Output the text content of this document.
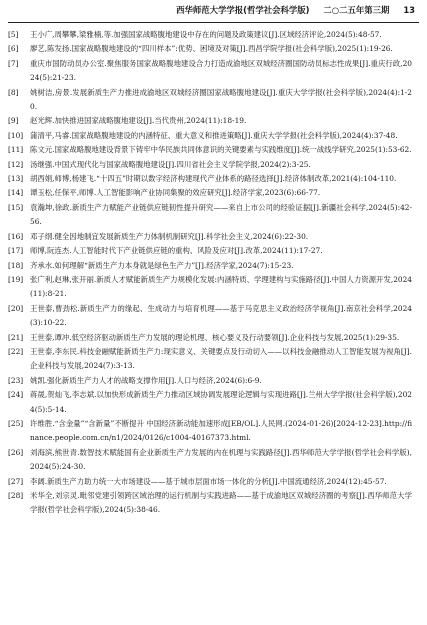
西华师范大学学报(哲学社会科学版) 二○二五年第三期 13
[5]	王小广,周攀攀,梁雅楠,等.加强国家战略腹地建设中存在的问题及政策建议[J].区域经济评论,2024(5):48-57.
[6]	廖艺,陈发扬.国家战略腹地建设的“四川样本”:优势、困境及对策[J].西昌学院学报(社会科学版),2025(1):19-26.
[7]	重庆市国防动员办公室.聚焦服务国家战略腹地建设合力打造成渝地区双城经济圈国防动员标志性成果[J].重庆行政,2024(5):21-23.
[8]	姚树洁,房景.发展新质生产力推进成渝地区双城经济圈国家战略腹地建设[J].重庆大学学报(社会科学版),2024(4):1-20.
[9]	赵光辉.加快推进国家战略腹地建设[J].当代贵州,2024(11):18-19.
[10] 蒲清平,马睿.国家战略腹地建设的内涵特征、重大意义和推进策略[J].重庆大学学报(社会科学版),2024(4):37-48.
[11] 陈文元.国家战略腹地建设背景下铸牢中华民族共同体意识的关键要素与实践维度[J].统一战线学研究,2025(1):53-62.
[12] 汤继强.中国式现代化与国家战略腹地建设[J].四川省社会主义学院学报,2024(2):3-25.
[13] 胡西娟,师博,杨建飞.“十四五”时期以数字经济构建现代产业体系的路径选择[J].经济体制改革,2021(4):104-110.
[14] 谭玉松,任保平,师博.人工智能影响产业协同集聚的效应研究[J].经济学家,2023(6):66-77.
[15] 袁瀚坤,徐政.新质生产力赋能产业链供应链韧性提升研究——来自上市公司的经验证据[J].新疆社会科学,2024(5):42-56.
[16] 邓子纲.健全因地制宜发展新质生产力体制机制研究[J].科学社会主义,2024(6):22-30.
[17] 师博,阮连杰.人工智能时代下产业链供应链的重构、风险及应对[J].改革,2024(11):17-27.
[18] 齐承水.如何理解“新质生产力本身就是绿色生产力”[J].经济学家,2024(7):15-23.
[19] 张广利,赵琳,张开丽.新质人才赋能新质生产力规模化发展:内涵特质、学理建构与实施路径[J].中国人力资源开发,2024(11):8-21.
[20] 王世泰,曹劲松.新质生产力的缘起、生成动力与培育机理——基于马克思主义政治经济学视角[J].南京社会科学,2024(3):10-22.
[21] 王世泰,谭冲.低空经济驱动新质生产力发展的理论机理、核心要义及行动要领[J].企业科技与发展,2025(1):29-35.
[22] 王世泰,李东民.科技金融赋能新质生产力:现实意义、关键要点及行动切入——以科技金融推动人工智能发展为视角[J].企业科技与发展,2024(7):3-13.
[23] 姚凯.强化新质生产力人才的战略支撑作用[J].人口与经济,2024(6):6-9.
[24] 蒋晟,贺灿飞,李志斌.以加快形成新质生产力推动区域协调发展理论逻辑与实现进路[J].兰州大学学报(社会科学版),2024(5):5-14.
[25] 许维胜.“含金量”“含新量”不断提升 中国经济新动能加速形成[EB/OL].人民网.(2024-01-26)[2024-12-23].http://finance.people.com.cn/n1/2024/0126/c1004-40167373.html.
[26] 刘海滨,熊世青.数智技术赋能国有企业新质生产力发展的内在机理与实践路径[J].西华师范大学学报(哲学社会科学版),2024(5):24-30.
[27] 李阔.新质生产力助力统一大市场建设——基于城市层面市场一体化的分析[J].中国流通经济,2024(12):45-57.
[28] 米华全,刘宗灵.毗邻党建引领跨区域治理的运行机制与实践进路——基于成渝地区双城经济圈的考察[J].西华师范大学学报(哲学社会科学版),2024(5):38-46.
